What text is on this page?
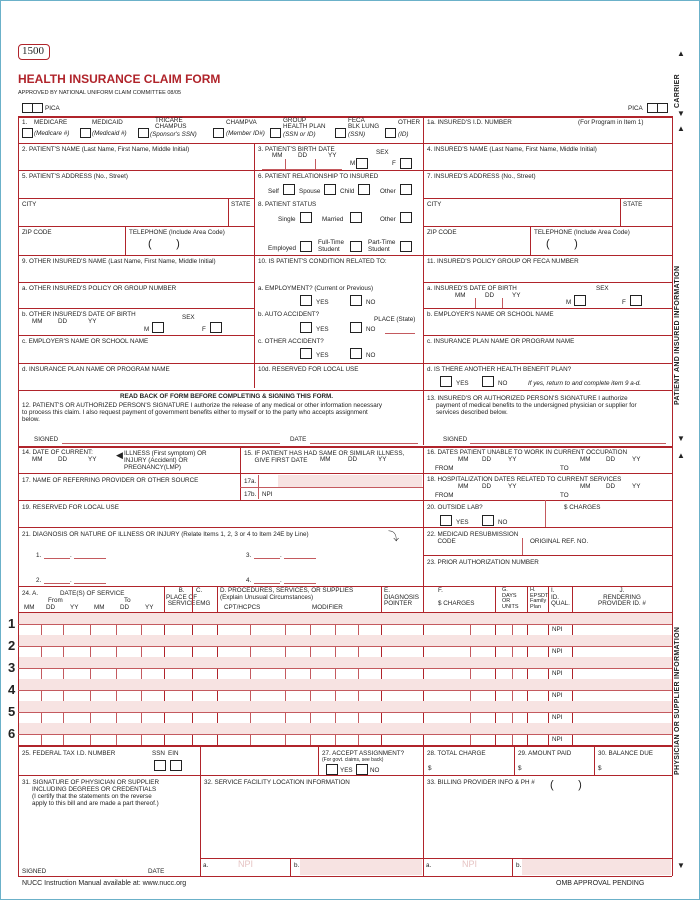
1500
HEALTH INSURANCE CLAIM FORM
APPROVED BY NATIONAL UNIFORM CLAIM COMMITTEE 08/05
PICA	PICA
CARRIER
▲
▼
PATIENT AND INSURED INFORMATION
▲
▼
PHYSICIAN OR SUPPLIER INFORMATION
▲
▼
1. MEDICARE
(Medicare #)
MEDICAID
(Medicaid #)
TRICARE
CHAMPUS
(Sponsor's SSN)
CHAMPVA
(Member ID#)
GROUP
HEALTH PLAN
(SSN or ID)
FECA
BLK LUNG
(SSN)
OTHER
(ID)
1a. INSURED'S I.D. NUMBER	(For Program in Item 1)
2. PATIENT'S NAME (Last Name, First Name, Middle Initial)	3. PATIENT'S BIRTH DATE
MM DD	YY	SEX
M	F
4. INSURED'S NAME (Last Name, First Name, Middle Initial)
5. PATIENT'S ADDRESS (No., Street)	6. PATIENT RELATIONSHIP TO INSURED
Self	Spouse	Child	Other
7. INSURED'S ADDRESS (No., Street)
CITY	STATE 8. PATIENT STATUS
Single	Married	Other
CITY	STATE
ZIP CODE	TELEPHONE (Include Area Code)
(        )	Employed
Full-Time
Student
Part-Time
Student
ZIP CODE	TELEPHONE (Include Area Code)
(        )
9. OTHER INSURED'S NAME (Last Name, First Name, Middle Initial)	10. IS PATIENT'S CONDITION RELATED TO:	11. INSURED'S POLICY GROUP OR FECA NUMBER
a. OTHER INSURED'S POLICY OR GROUP NUMBER	a. EMPLOYMENT? (Current or Previous)
YES	NO
a. INSURED'S DATE OF BIRTH
MM	DD	YY
SEX
M	F
b. OTHER INSURED'S DATE OF BIRTH
MM DD	YY
SEX
M	F
b. AUTO ACCIDENT?
PLACE (State)
YES	NO
b. EMPLOYER'S NAME OR SCHOOL NAME
c. EMPLOYER'S NAME OR SCHOOL NAME	c. OTHER ACCIDENT?
YES	NO
c. INSURANCE PLAN NAME OR PROGRAM NAME
d. INSURANCE PLAN NAME OR PROGRAM NAME	10d. RESERVED FOR LOCAL USE	d. IS THERE ANOTHER HEALTH BENEFIT PLAN?
YES	NO	If yes, return to and complete item 9 a-d.
READ BACK OF FORM BEFORE COMPLETING & SIGNING THIS FORM.
12. PATIENT'S OR AUTHORIZED PERSON'S SIGNATURE I authorize the release of any medical or other information necessary
to process this claim. I also request payment of government benefits either to myself or to the party who accepts assignment
below.
SIGNED	DATE
13. INSURED'S OR AUTHORIZED PERSON'S SIGNATURE I authorize
payment of medical benefits to the undersigned physician or supplier for
services described below.
SIGNED
14. DATE OF CURRENT:
MM DD	YY ◀ ILLNESS (First symptom) OR
INJURY (Accident) OR
PREGNANCY(LMP)
15. IF PATIENT HAS HAD SAME OR SIMILAR ILLNESS,
GIVE FIRST DATE	MM	DD	YY
16. DATES PATIENT UNABLE TO WORK IN CURRENT OCCUPATION
MM DD	YY	MM DD	YY
FROM	TO
17. NAME OF REFERRING PROVIDER OR OTHER SOURCE	17a.
17b. NPI
18. HOSPITALIZATION DATES RELATED TO CURRENT SERVICES
MM DD	YY	MM DD	YY
FROM	TO
19. RESERVED FOR LOCAL USE	20. OUTSIDE LAB?	$ CHARGES
YES	NO
21. DIAGNOSIS OR NATURE OF ILLNESS OR INJURY (Relate Items 1, 2, 3 or 4 to Item 24E by Line)
1.	.
2.	.
3.	.
4.	.
⤵	22. MEDICAID RESUBMISSION
CODE	ORIGINAL REF. NO.
23. PRIOR AUTHORIZATION NUMBER
24. A.	DATE(S) OF SERVICE
From	To
MM DD YY MM DD	YY
B.
PLACE OF
SERVICE
C.

EMG
D. PROCEDURES, SERVICES, OR SUPPLIES
(Explain Unusual Circumstances)
CPT/HCPCS	MODIFIER
E.
DIAGNOSIS
POINTER
F.

$ CHARGES
G.
DAYS
OR
UNITS
H.
EPSDT
Family
Plan
I.
ID.
QUAL.
J.
RENDERING
PROVIDER ID. #
1	NPI
2	NPI
3	NPI
4	NPI
5	NPI
6	NPI
25. FEDERAL TAX I.D. NUMBER	SSN EIN	27. ACCEPT ASSIGNMENT?
(For govt. claims, see back)
YES	NO
28. TOTAL CHARGE
$
29. AMOUNT PAID
$
30. BALANCE DUE
$
31. SIGNATURE OF PHYSICIAN OR SUPPLIER
INCLUDING DEGREES OR CREDENTIALS
(I certify that the statements on the reverse
apply to this bill and are made a part thereof.)
SIGNED	DATE
32. SERVICE FACILITY LOCATION INFORMATION	33. BILLING PROVIDER INFO & PH # (        )
a.	NPI	b.	a.	NPI	b.
NUCC Instruction Manual available at: www.nucc.org	OMB APPROVAL PENDING
